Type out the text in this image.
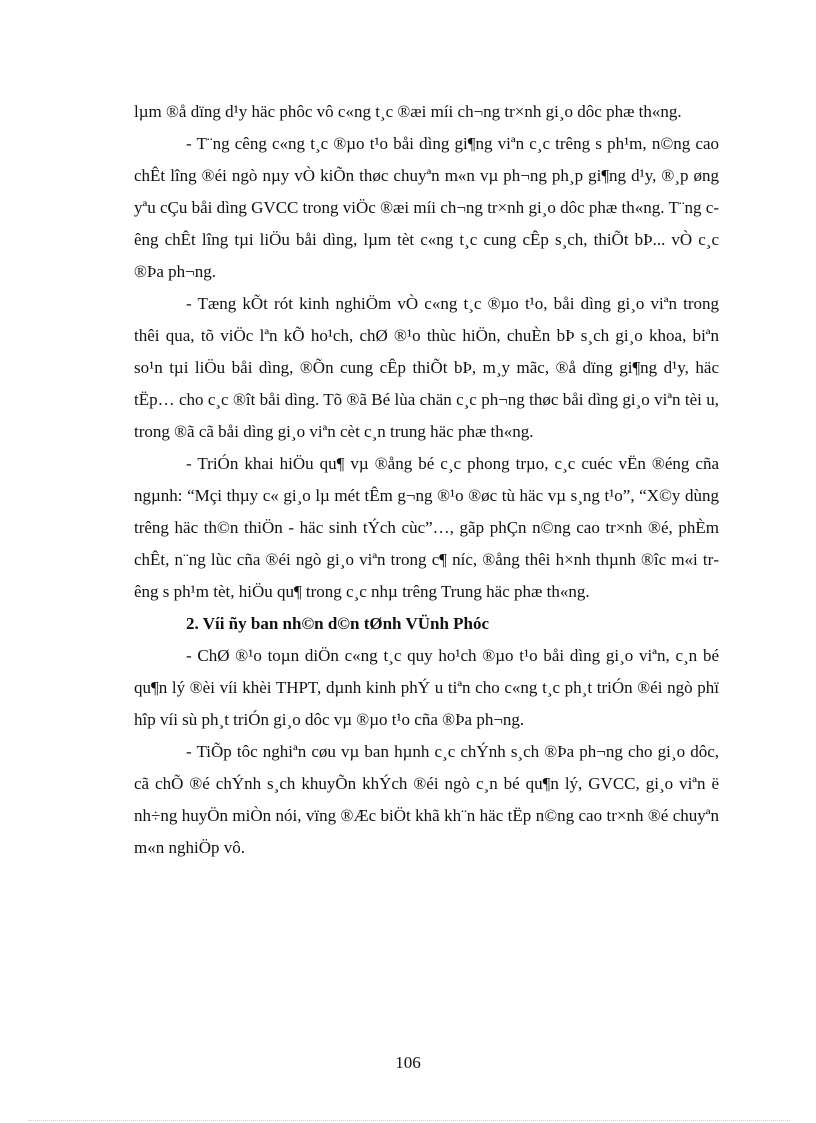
lµm ®å dïng d¹y häc phôc vô c«ng t¸c ®æi míi ch¬ng tr×nh gi¸o dôc phæ th«ng.

- T¨ng cêng c«ng t¸c ®µo t¹o båi dìng gi¶ng viªn c¸c trêng s ph¹m, n©ng cao chÊt lîng ®éi ngò nµy vÒ kiÕn thøc chuyªn m«n vµ ph¬ng ph¸p gi¶ng d¹y, ®¸p øng yªu cÇu båi dìng GVCC trong viÖc ®æi míi ch¬ng tr×nh gi¸o dôc phæ th«ng. T¨ng cêng chÊt lîng tµi liÖu båi dìng, lµm tèt c«ng t¸c cung cÊp s¸ch, thiÕt bÞ... vÒ c¸c ®Þa ph¬ng.

- Tæng kÕt rót kinh nghiÖm vÒ c«ng t¸c ®µo t¹o, båi dìng gi¸o viªn trong thêi qua, tõ viÖc lªn kÕ ho¹ch, chØ ®¹o thùc hiÖn, chuÈn bÞ s¸ch gi¸o khoa, biªn so¹n tµi liÖu båi dìng, ®Õn cung cÊp thiÕt bÞ, m¸y mãc, ®å dïng gi¶ng d¹y, häc tËp… cho c¸c ®ît båi dìng. Tõ ®ã Bé lùa chän c¸c ph¬ng thøc båi dìng gi¸o viªn tèi u, trong ®ã cã båi dìng gi¸o viªn cèt c¸n trung häc phæ th«ng.

- TriÓn khai hiÖu qu¶ vµ ®ång bé c¸c phong trµo, c¸c cuéc vËn ®éng cña ngµnh: “Mçi thµy c« gi¸o lµ mét tÊm g¬ng ®¹o ®øc tù häc vµ s¸ng t¹o”, “X©y dùng trêng häc th©n thiÖn - häc sinh tÝch cùc”…, gãp phÇn n©ng cao tr×nh ®é, phÈm chÊt, n¨ng lùc cña ®éi ngò gi¸o viªn trong c¶ níc, ®ång thêi h×nh thµnh ®îc m«i trêng s ph¹m tèt, hiÖu qu¶ trong c¸c nhµ trêng Trung häc phæ th«ng.

2. Víi ñy ban nh©n d©n tØnh VÜnh Phóc

- ChØ ®¹o toµn diÖn c«ng t¸c quy ho¹ch ®µo t¹o båi dìng gi¸o viªn, c¸n bé qu¶n lý ®èi víi khèi THPT, dµnh kinh phÝ u tiªn cho c«ng t¸c ph¸t triÓn ®éi ngò phï hîp víi sù ph¸t triÓn gi¸o dôc vµ ®µo t¹o cña ®Þa ph¬ng.

- TiÕp tôc nghiªn cøu vµ ban hµnh c¸c chÝnh s¸ch ®Þa ph¬ng cho gi¸o dôc, cã chÕ ®é chÝnh s¸ch khuyÕn khÝch ®éi ngò c¸n bé qu¶n lý, GVCC, gi¸o viªn ë nh÷ng huyÖn miÒn nói, vïng ®Æc biÖt khã kh¨n häc tËp n©ng cao tr×nh ®é chuyªn m«n nghiÖp vô.

106
